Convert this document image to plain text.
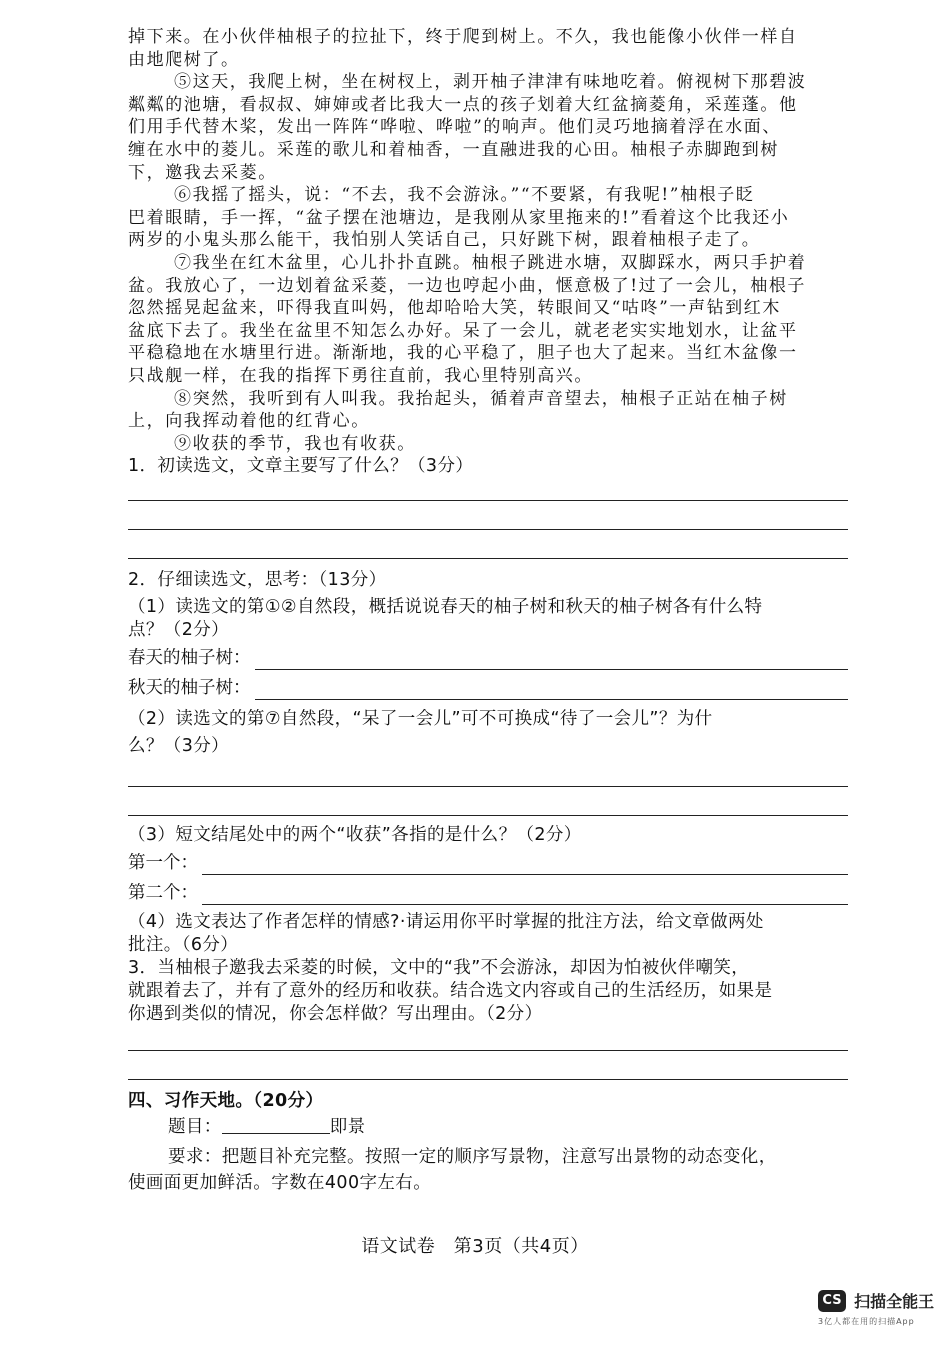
掉下来。在小伙伴柚根子的拉扯下，终于爬到树上。不久，我也能像小伙伴一样自
由地爬树了。
⑤这天，我爬上树，坐在树杈上，剥开柚子津津有味地吃着。俯视树下那碧波
粼粼的池塘，看叔叔、婶婶或者比我大一点的孩子划着大红盆摘菱角，采莲蓬。他
们用手代替木桨，发出一阵阵“哗啦、哗啦”的响声。他们灵巧地摘着浮在水面、
缠在水中的菱儿。采莲的歌儿和着柚香，一直融进我的心田。柚根子赤脚跑到树
下，邀我去采菱。
⑥我摇了摇头，说：“不去，我不会游泳。”“不要紧，有我呢!”柚根子眨
巴着眼睛，手一挥，“盆子摆在池塘边，是我刚从家里拖来的!”看着这个比我还小
两岁的小鬼头那么能干，我怕别人笑话自己，只好跳下树，跟着柚根子走了。
⑦我坐在红木盆里，心儿扑扑直跳。柚根子跳进水塘，双脚踩水，两只手护着
盆。我放心了，一边划着盆采菱，一边也哼起小曲，惬意极了!过了一会儿，柚根子
忽然摇晃起盆来，吓得我直叫妈，他却哈哈大笑，转眼间又“咕咚”一声钻到红木
盆底下去了。我坐在盆里不知怎么办好。呆了一会儿，就老老实实地划水，让盆平
平稳稳地在水塘里行进。渐渐地，我的心平稳了，胆子也大了起来。当红木盆像一
只战舰一样，在我的指挥下勇往直前，我心里特别高兴。
⑧突然，我听到有人叫我。我抬起头，循着声音望去，柚根子正站在柚子树
上，向我挥动着他的红背心。
⑨收获的季节，我也有收获。
1．初读选文，文章主要写了什么？（3分）
2．仔细读选文，思考：（13分）
（1）读选文的第①②自然段，概括说说春天的柚子树和秋天的柚子树各有什么特
点？（2分）
春天的柚子树：
秋天的柚子树：
（2）读选文的第⑦自然段，“呆了一会儿”可不可换成“待了一会儿”？为什
么？（3分）
（3）短文结尾处中的两个“收获”各指的是什么？（2分）
第一个：
第二个：
（4）选文表达了作者怎样的情感?·请运用你平时掌握的批注方法，给文章做两处
批注。（6分）
3．当柚根子邀我去采菱的时候，文中的“我”不会游泳，却因为怕被伙伴嘲笑，
就跟着去了，并有了意外的经历和收获。结合选文内容或自己的生活经历，如果是
你遇到类似的情况，你会怎样做？写出理由。（2分）
四、习作天地。（20分）
题目：	即景
要求：把题目补充完整。按照一定的顺序写景物，注意写出景物的动态变化，
使画面更加鲜活。字数在400字左右。
语文试卷　第3页（共4页）
CS 扫描全能王
3亿人都在用的扫描App
